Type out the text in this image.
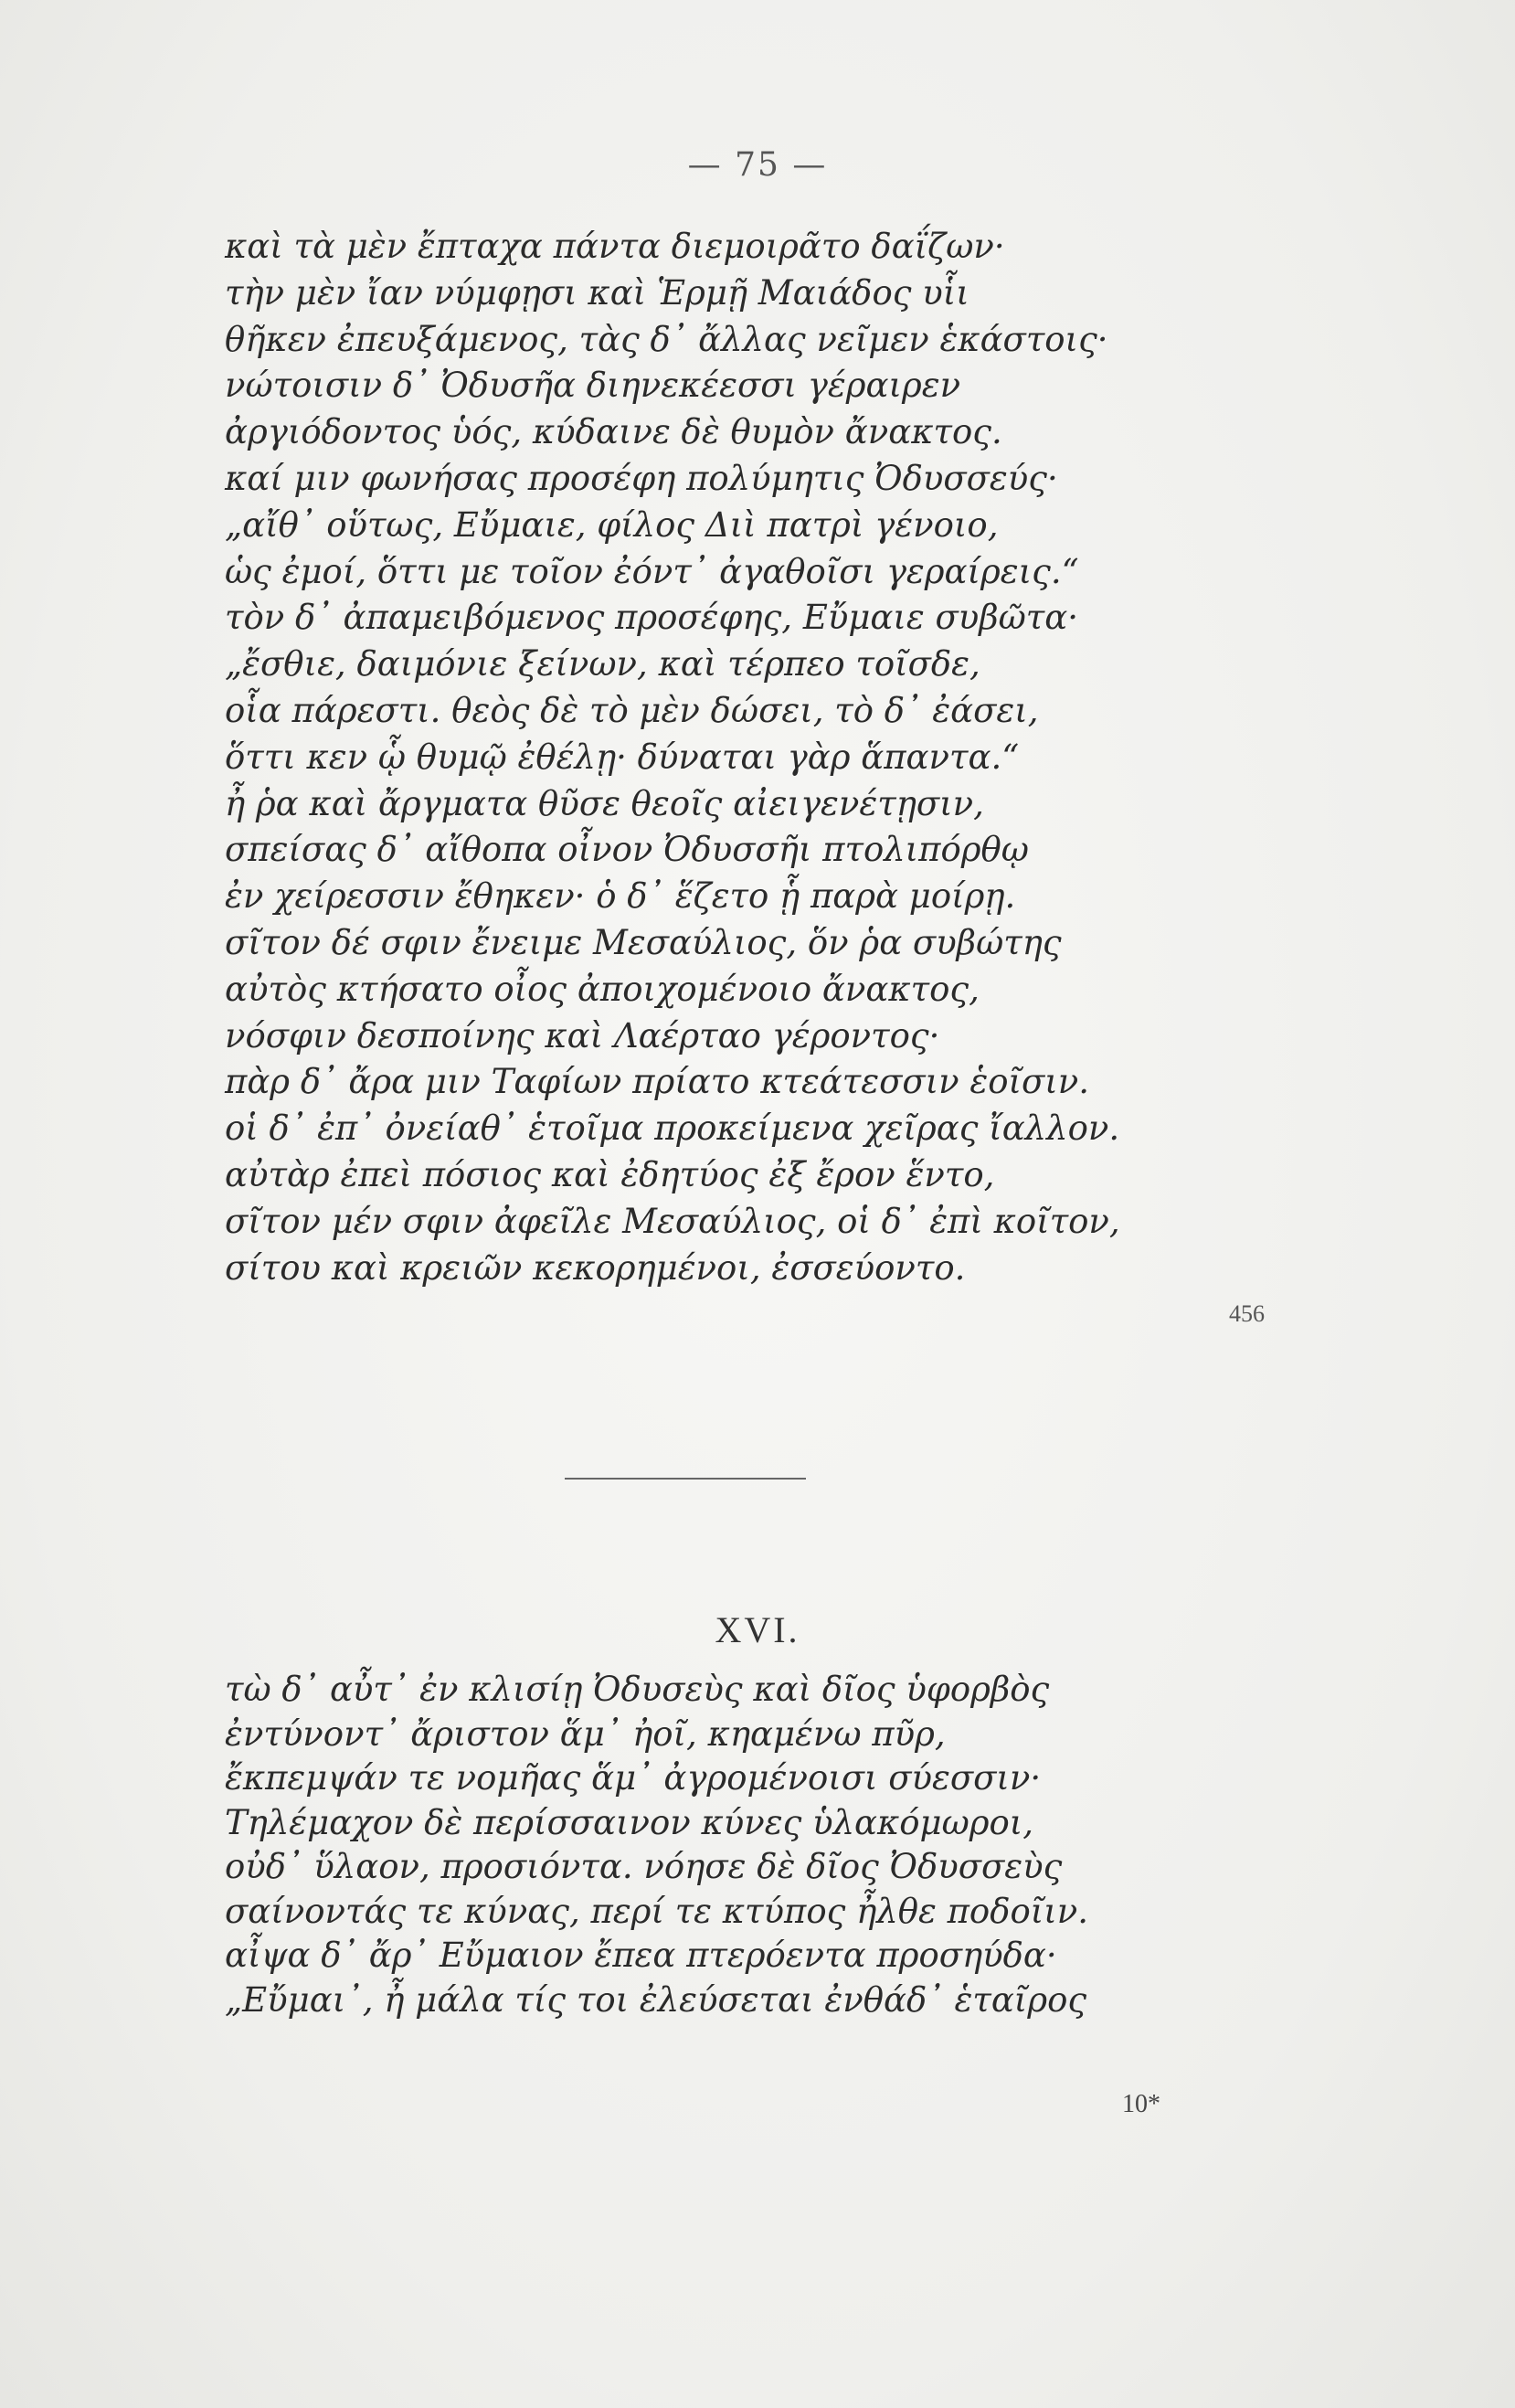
— 75 —
καὶ τὰ μὲν ἔπταχα πάντα διεμοιρᾶτο δαΐζων·
τὴν μὲν ἴαν νύμφῃσι καὶ Ἑρμῇ Μαιάδος υἷι
θῆκεν ἐπευξάμενος, τὰς δ᾽ ἄλλας νεῖμεν ἑκάστοις·
νώτοισιν δ᾽ Ὀδυσῆα διηνεκέεσσι γέραιρεν
ἀργιόδοντος ὑός, κύδαινε δὲ θυμὸν ἄνακτος.
καί μιν φωνήσας προσέφη πολύμητις Ὀδυσσεύς·
„αἴθ᾽ οὕτως, Εὔμαιε, φίλος Διὶ πατρὶ γένοιο,
ὡς ἐμοί, ὅττι με τοῖον ἐόντ᾽ ἀγαθοῖσι γεραίρεις.“
τὸν δ᾽ ἀπαμειβόμενος προσέφης, Εὔμαιε συβῶτα·
„ἔσθιε, δαιμόνιε ξείνων, καὶ τέρπεο τοῖσδε,
οἷα πάρεστι. θεὸς δὲ τὸ μὲν δώσει, τὸ δ᾽ ἐάσει,
ὅττι κεν ᾧ θυμῷ ἐθέλῃ· δύναται γὰρ ἅπαντα.“
ἦ ῥα καὶ ἄργματα θῦσε θεοῖς αἰειγενέτῃσιν,
σπείσας δ᾽ αἴθοπα οἶνον Ὀδυσσῆι πτολιπόρθῳ
ἐν χείρεσσιν ἔθηκεν· ὁ δ᾽ ἕζετο ᾗ παρὰ μοίρῃ.
σῖτον δέ σφιν ἔνειμε Μεσαύλιος, ὅν ῥα συβώτης
αὐτὸς κτήσατο οἶος ἀποιχομένοιο ἄνακτος,
νόσφιν δεσποίνης καὶ Λαέρταο γέροντος·
πὰρ δ᾽ ἄρα μιν Ταφίων πρίατο κτεάτεσσιν ἑοῖσιν.
οἱ δ᾽ ἐπ᾽ ὀνείαθ᾽ ἑτοῖμα προκείμενα χεῖρας ἴαλλον.
αὐτὰρ ἐπεὶ πόσιος καὶ ἐδητύος ἐξ ἔρον ἕντο,
σῖτον μέν σφιν ἀφεῖλε Μεσαύλιος, οἱ δ᾽ ἐπὶ κοῖτον,
σίτου καὶ κρειῶν κεκορημένοι, ἐσσεύοντο.
456
XVI.
τὼ δ᾽ αὖτ᾽ ἐν κλισίῃ Ὀδυσεὺς καὶ δῖος ὑφορβὸς
ἐντύνοντ᾽ ἄριστον ἅμ᾽ ἠοῖ, κηαμένω πῦρ,
ἔκπεμψάν τε νομῆας ἅμ᾽ ἀγρομένοισι σύεσσιν·
Τηλέμαχον δὲ περίσσαινον κύνες ὑλακόμωροι,
οὐδ᾽ ὕλαον, προσιόντα. νόησε δὲ δῖος Ὀδυσσεὺς
σαίνοντάς τε κύνας, περί τε κτύπος ἦλθε ποδοῖιν.
αἶψα δ᾽ ἄρ᾽ Εὔμαιον ἔπεα πτερόεντα προσηύδα·
„Εὔμαι᾽, ἦ μάλα τίς τοι ἐλεύσεται ἐνθάδ᾽ ἑταῖρος
10*
